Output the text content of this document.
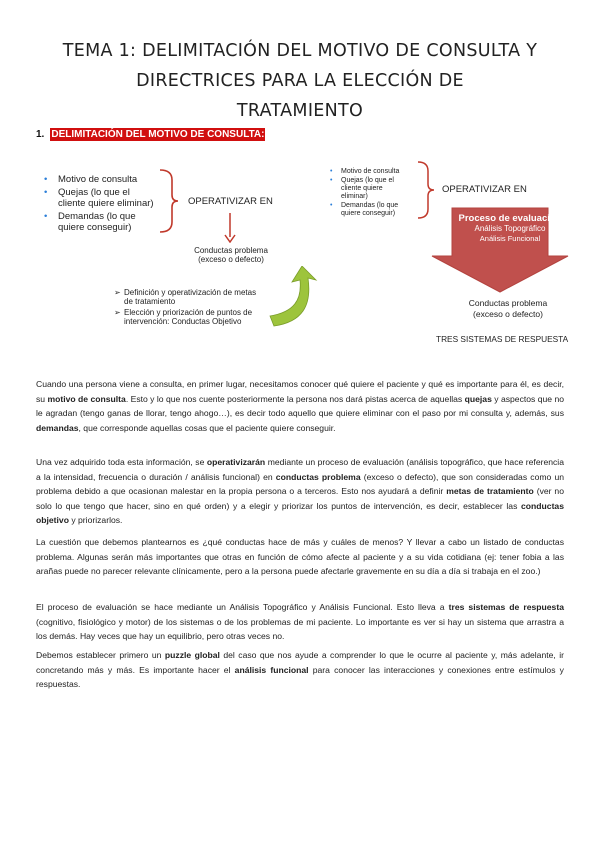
TEMA 1: DELIMITACIÓN DEL MOTIVO DE CONSULTA Y DIRECTRICES PARA LA ELECCIÓN DE
TRATAMIENTO
1. DELIMITACIÓN DEL MOTIVO DE CONSULTA:
• Motivo de consulta
• Quejas (lo que el cliente quiere eliminar)
• Demandas (lo que quiere conseguir)
OPERATIVIZAR EN
Conductas problema
(exceso o defecto)
➢ Definición y operativización de metas de tratamiento
➢ Elección y priorización de puntos de intervención: Conductas Objetivo
• Motivo de consulta
• Quejas (lo que el cliente quiere eliminar)
• Demandas (lo que quiere conseguir)
OPERATIVIZAR EN
Proceso de evaluación
Análisis Topográfico
Análisis Funcional
Conductas problema
(exceso o defecto)
TRES SISTEMAS DE RESPUESTA
Cuando una persona viene a consulta, en primer lugar, necesitamos conocer qué quiere el paciente y qué es importante para él, es decir, su motivo de consulta. Esto y lo que nos cuente posteriormente la persona nos dará pistas acerca de aquellas quejas y aspectos que no le agradan (tengo ganas de llorar, tengo ahogo…), es decir todo aquello que quiere eliminar con el paso por mi consulta y, además, sus demandas, que corresponde aquellas cosas que el paciente quiere conseguir.
Una vez adquirido toda esta información, se operativizarán mediante un proceso de evaluación (análisis topográfico, que hace referencia a la intensidad, frecuencia o duración / análisis funcional) en conductas problema (exceso o defecto), que son consideradas como un problema debido a que ocasionan malestar en la propia persona o a terceros. Esto nos ayudará a definir metas de tratamiento (ver no solo lo que tengo que hacer, sino en qué orden) y a elegir y priorizar los puntos de intervención, es decir, establecer las conductas objetivo y priorizarlos.
La cuestión que debemos plantearnos es ¿qué conductas hace de más y cuáles de menos? Y llevar a cabo un listado de conductas problema. Algunas serán más importantes que otras en función de cómo afecte al paciente y a su vida cotidiana (ej: tener fobia a las arañas puede no parecer relevante clínicamente, pero a la persona puede afectarle gravemente en su día a día si trabaja en el zoo.)
El proceso de evaluación se hace mediante un Análisis Topográfico y Análisis Funcional. Esto lleva a tres sistemas de respuesta (cognitivo, fisiológico y motor) de los sistemas o de los problemas de mi paciente. Lo importante es ver si hay un sistema que arrastra a los demás. Hay veces que hay un equilibrio, pero otras veces no.
Debemos establecer primero un puzzle global del caso que nos ayude a comprender lo que le ocurre al paciente y, más adelante, ir concretando más y más. Es importante hacer el análisis funcional para conocer las interacciones y conexiones entre estímulos y respuestas.
